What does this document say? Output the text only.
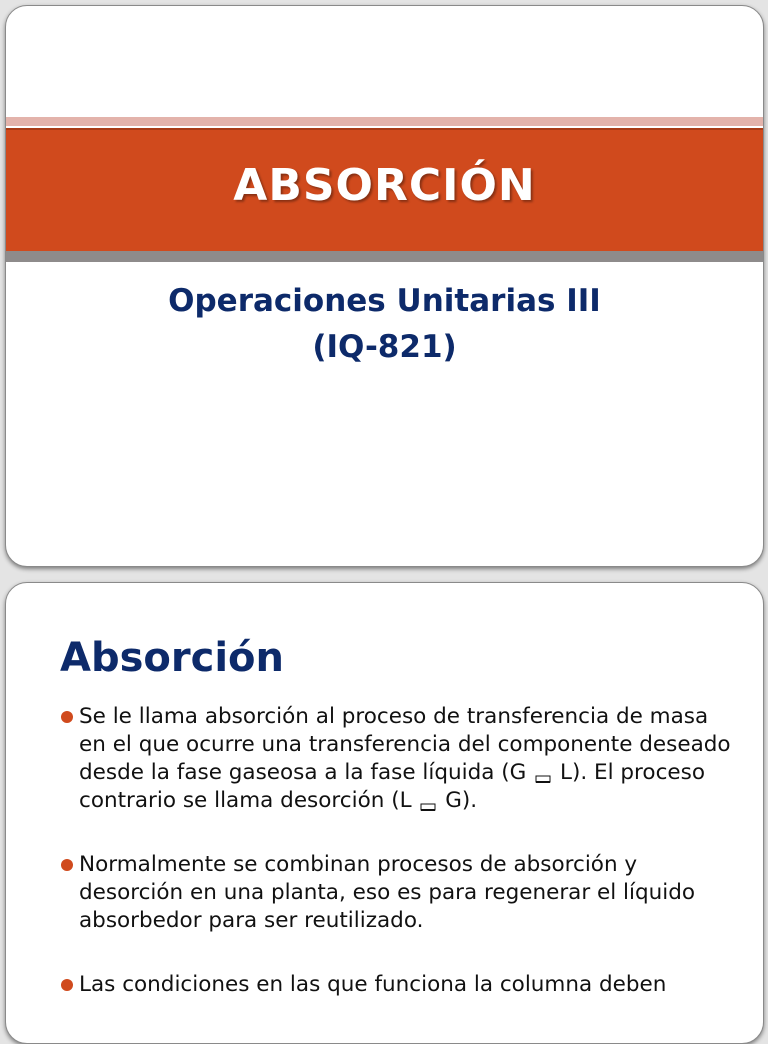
ABSORCIÓN
Operaciones Unitarias III
(IQ-821)
Absorción
Se le llama absorción al proceso de transferencia de masa en el que ocurre una transferencia del componente deseado desde la fase gaseosa a la fase líquida (G L). El proceso contrario se llama desorción (L G).
Normalmente se combinan procesos de absorción y desorción en una planta, eso es para regenerar el líquido absorbedor para ser reutilizado.
Las condiciones en las que funciona la columna deben
